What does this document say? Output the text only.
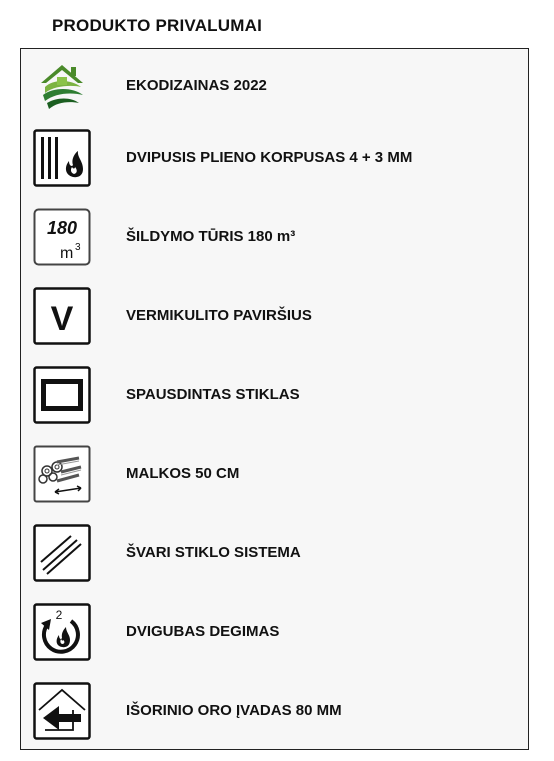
PRODUKTO PRIVALUMAI
EKODIZAINAS 2022
DVIPUSIS PLIENO KORPUSAS 4 + 3 MM
180
m 3
ŠILDYMO TŪRIS 180 m³
V	VERMIKULITO PAVIRŠIUS
SPAUSDINTAS STIKLAS
MALKOS 50 CM
ŠVARI STIKLO SISTEMA
2
DVIGUBAS DEGIMAS
IŠORINIO ORO ĮVADAS 80 MM
